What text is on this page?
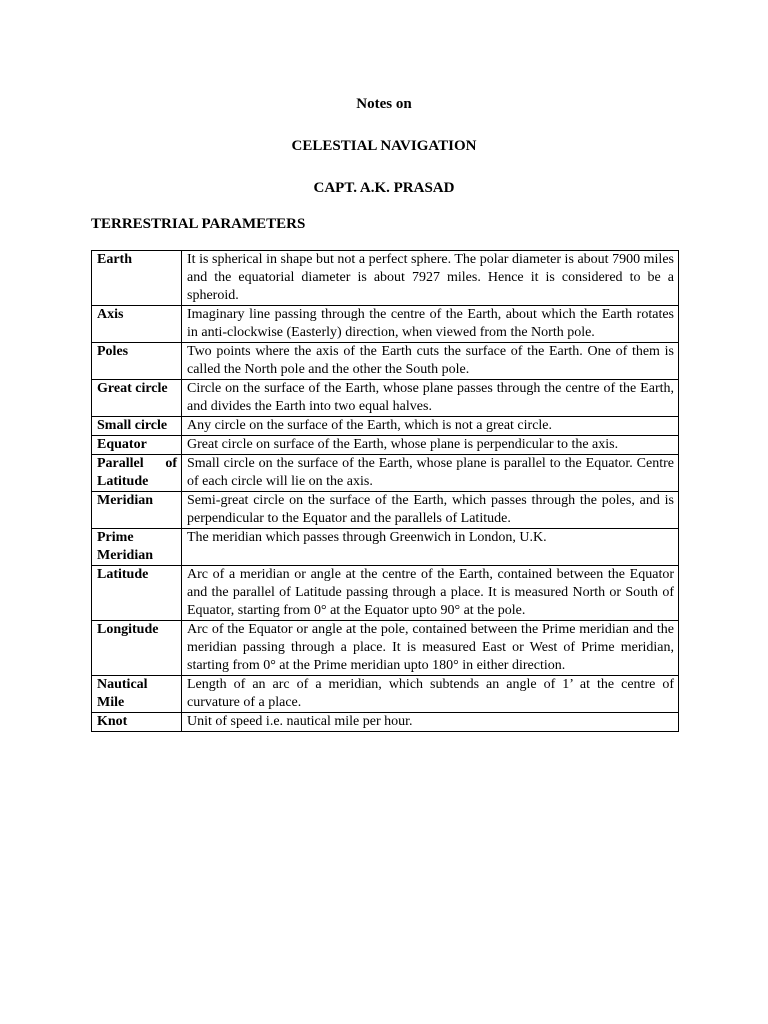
Notes on
CELESTIAL NAVIGATION
CAPT. A.K. PRASAD
TERRESTRIAL PARAMETERS
Earth	It is spherical in shape but not a perfect sphere. The polar diameter is about 7900 miles and the equatorial diameter is about 7927 miles. Hence it is considered to be a spheroid.
Axis	Imaginary line passing through the centre of the Earth, about which the Earth rotates in anti-clockwise (Easterly) direction, when viewed from the North pole.
Poles	Two points where the axis of the Earth cuts the surface of the Earth. One of them is called the North pole and the other the South pole.
Great circle	Circle on the surface of the Earth, whose plane passes through the centre of the Earth, and divides the Earth into two equal halves.
Small circle	Any circle on the surface of the Earth, which is not a great circle.
Equator	Great circle on surface of the Earth, whose plane is perpendicular to the axis.
Parallel of Latitude	Small circle on the surface of the Earth, whose plane is parallel to the Equator. Centre of each circle will lie on the axis.
Meridian	Semi-great circle on the surface of the Earth, which passes through the poles, and is perpendicular to the Equator and the parallels of Latitude.
Prime Meridian	The meridian which passes through Greenwich in London, U.K.
Latitude	Arc of a meridian or angle at the centre of the Earth, contained between the Equator and the parallel of Latitude passing through a place. It is measured North or South of Equator, starting from 0° at the Equator upto 90° at the pole.
Longitude	Arc of the Equator or angle at the pole, contained between the Prime meridian and the meridian passing through a place. It is measured East or West of Prime meridian, starting from 0° at the Prime meridian upto 180° in either direction.
Nautical Mile	Length of an arc of a meridian, which subtends an angle of 1’ at the centre of curvature of a place.
Knot	Unit of speed i.e. nautical mile per hour.
